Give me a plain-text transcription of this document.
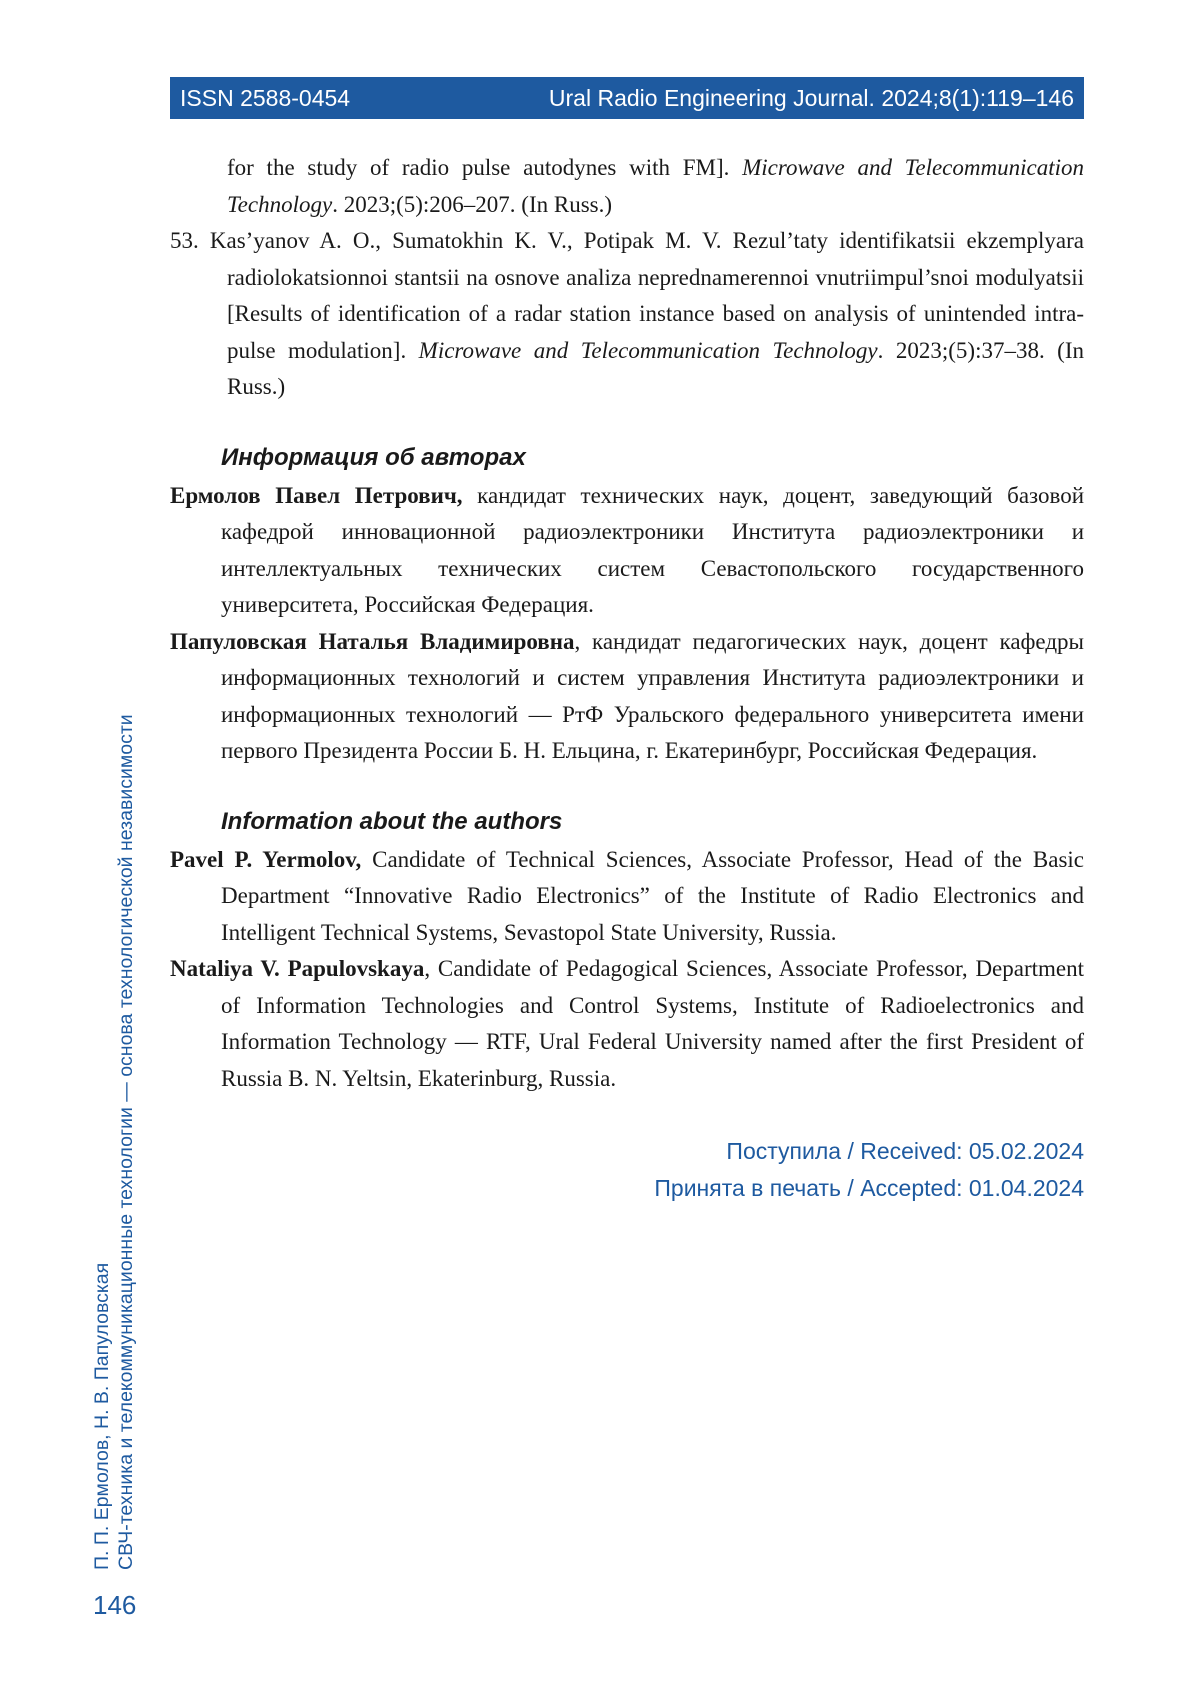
ISSN 2588-0454	Ural Radio Engineering Journal. 2024;8(1):119–146
for the study of radio pulse autodynes with FM]. Microwave and Telecommunication Technology. 2023;(5):206–207. (In Russ.)
53. Kas’yanov A. O., Sumatokhin K. V., Potipak M. V. Rezul’taty identifikatsii ekzemplyara radiolokatsionnoi stantsii na osnove analiza neprednamerennoi vnutriimpul’snoi modulyatsii [Results of identification of a radar station instance based on analysis of unintended intra-pulse modulation]. Microwave and Telecommunication Technology. 2023;(5):37–38. (In Russ.)
Информация об авторах
Ермолов Павел Петрович, кандидат технических наук, доцент, заведующий базовой кафедрой инновационной радиоэлектроники Института радиоэлектроники и интеллектуальных технических систем Севастопольского государственного университета, Российская Федерация.
Папуловская Наталья Владимировна, кандидат педагогических наук, доцент кафедры информационных технологий и систем управления Института радиоэлектроники и информационных технологий — РтФ Уральского федерального университета имени первого Президента России Б. Н. Ельцина, г. Екатеринбург, Российская Федерация.
Information about the authors
Pavel P. Yermolov, Candidate of Technical Sciences, Associate Professor, Head of the Basic Department “Innovative Radio Electronics” of the Institute of Radio Electronics and Intelligent Technical Systems, Sevastopol State University, Russia.
Nataliya V. Papulovskaya, Candidate of Pedagogical Sciences, Associate Professor, Department of Information Technologies and Control Systems, Institute of Radioelectronics and Information Technology — RTF, Ural Federal University named after the first President of Russia B. N. Yeltsin, Ekaterinburg, Russia.
Поступила / Received: 05.02.2024
Принята в печать / Accepted: 01.04.2024
П. П. Ермолов, Н. В. Папуловская СВЧ-техника и телекоммуникационные технологии — основа технологической независимости
146
